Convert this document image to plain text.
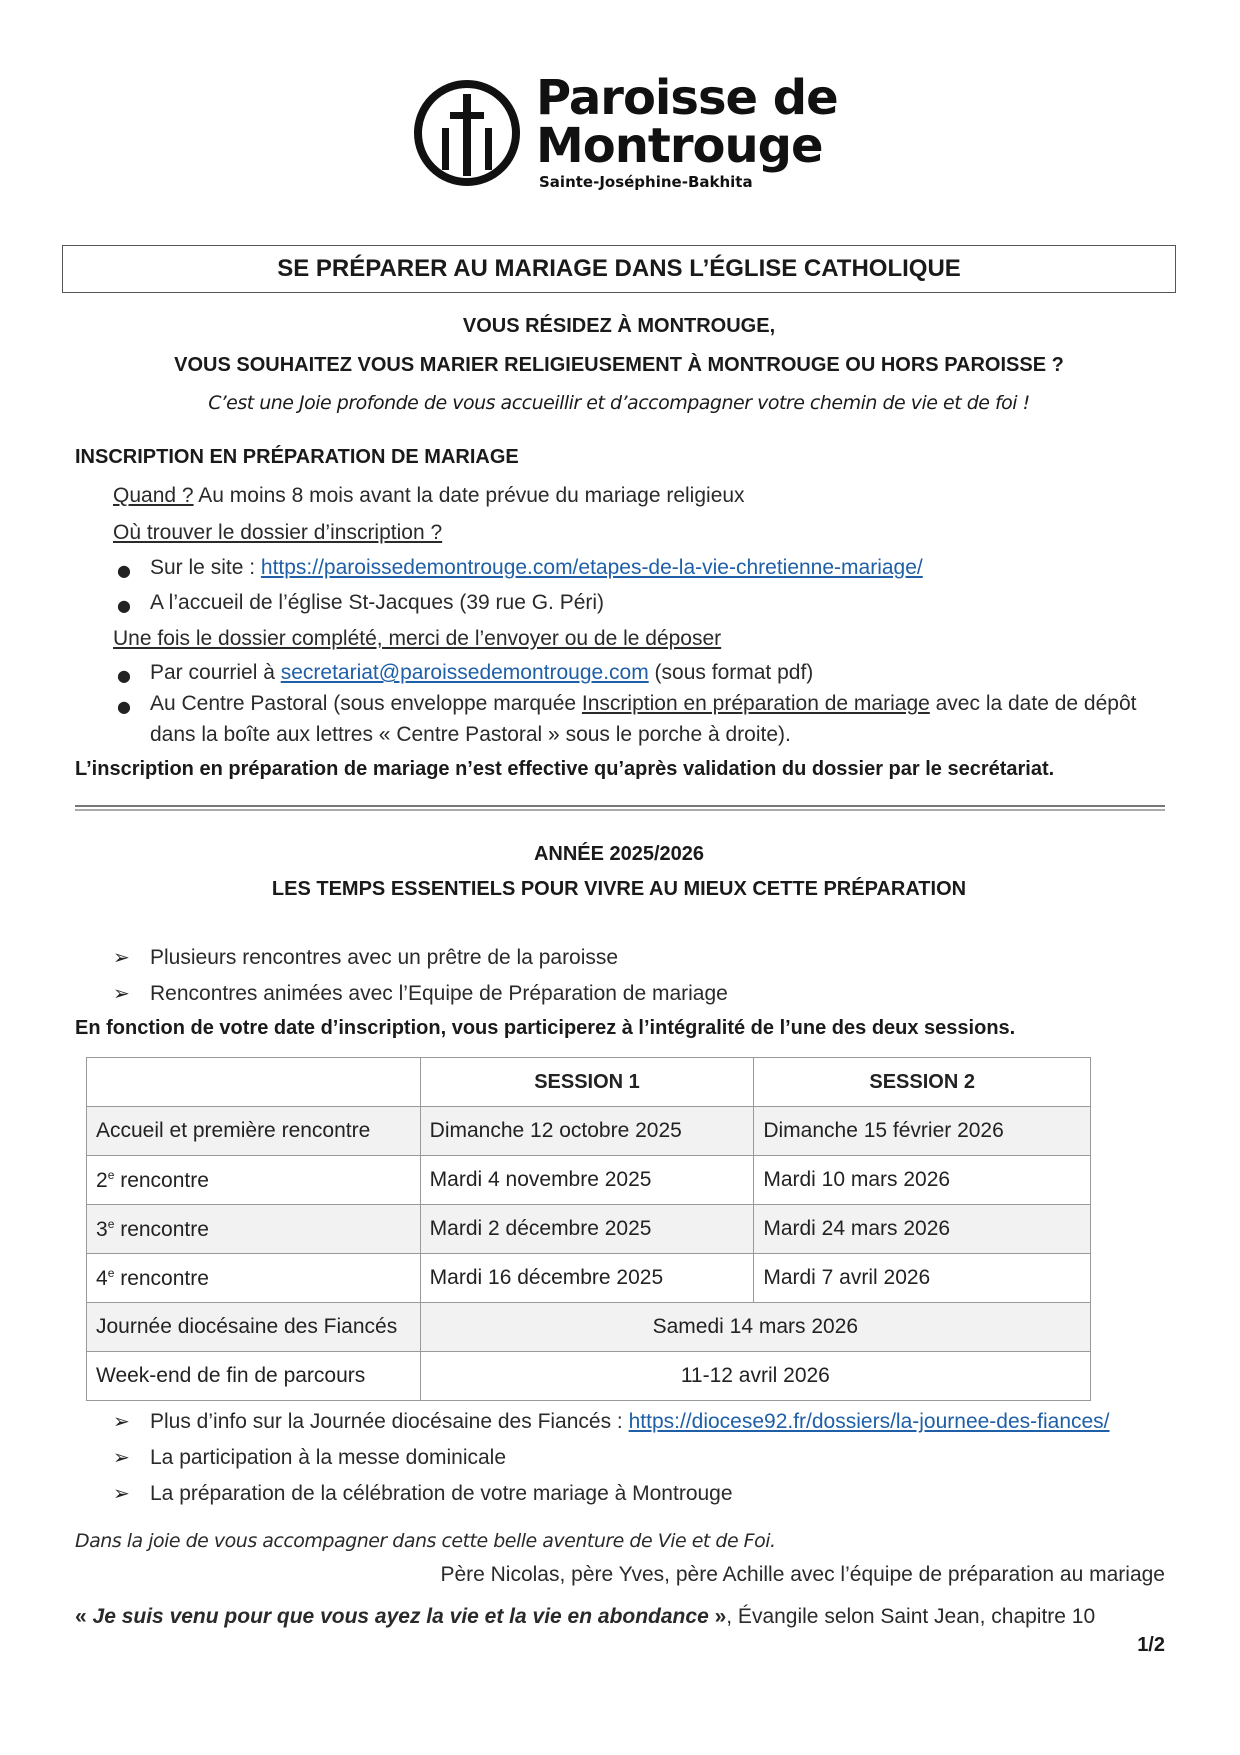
Paroisse de
Montrouge
Sainte-Joséphine-Bakhita
SE PRÉPARER AU MARIAGE DANS L’ÉGLISE CATHOLIQUE
VOUS RÉSIDEZ À MONTROUGE,
VOUS SOUHAITEZ VOUS MARIER RELIGIEUSEMENT À MONTROUGE OU HORS PAROISSE ?
C’est une Joie profonde de vous accueillir et d’accompagner votre chemin de vie et de foi !
INSCRIPTION EN PRÉPARATION DE MARIAGE
Quand ? Au moins 8 mois avant la date prévue du mariage religieux
Où trouver le dossier d’inscription ?
● Sur le site : https://paroissedemontrouge.com/etapes-de-la-vie-chretienne-mariage/
● A l’accueil de l’église St-Jacques (39 rue G. Péri)
Une fois le dossier complété, merci de l’envoyer ou de le déposer
● Par courriel à secretariat@paroissedemontrouge.com (sous format pdf)
● Au Centre Pastoral (sous enveloppe marquée Inscription en préparation de mariage avec la date de dépôt
dans la boîte aux lettres « Centre Pastoral » sous le porche à droite).
L’inscription en préparation de mariage n’est effective qu’après validation du dossier par le secrétariat.
ANNÉE 2025/2026
LES TEMPS ESSENTIELS POUR VIVRE AU MIEUX CETTE PRÉPARATION
➢ Plusieurs rencontres avec un prêtre de la paroisse
➢ Rencontres animées avec l’Equipe de Préparation de mariage
En fonction de votre date d’inscription, vous participerez à l’intégralité de l’une des deux sessions.
	SESSION 1	SESSION 2
Accueil et première rencontre	Dimanche 12 octobre 2025	Dimanche 15 février 2026
2e rencontre	Mardi 4 novembre 2025	Mardi 10 mars 2026
3e rencontre	Mardi 2 décembre 2025	Mardi 24 mars 2026
4e rencontre	Mardi 16 décembre 2025	Mardi 7 avril 2026
Journée diocésaine des Fiancés	Samedi 14 mars 2026	
Week-end de fin de parcours	11-12 avril 2026	
➢ Plus d’info sur la Journée diocésaine des Fiancés : https://diocese92.fr/dossiers/la-journee-des-fiances/
➢ La participation à la messe dominicale
➢ La préparation de la célébration de votre mariage à Montrouge
Dans la joie de vous accompagner dans cette belle aventure de Vie et de Foi.
Père Nicolas, père Yves, père Achille avec l’équipe de préparation au mariage
« Je suis venu pour que vous ayez la vie et la vie en abondance », Évangile selon Saint Jean, chapitre 10
1/2
